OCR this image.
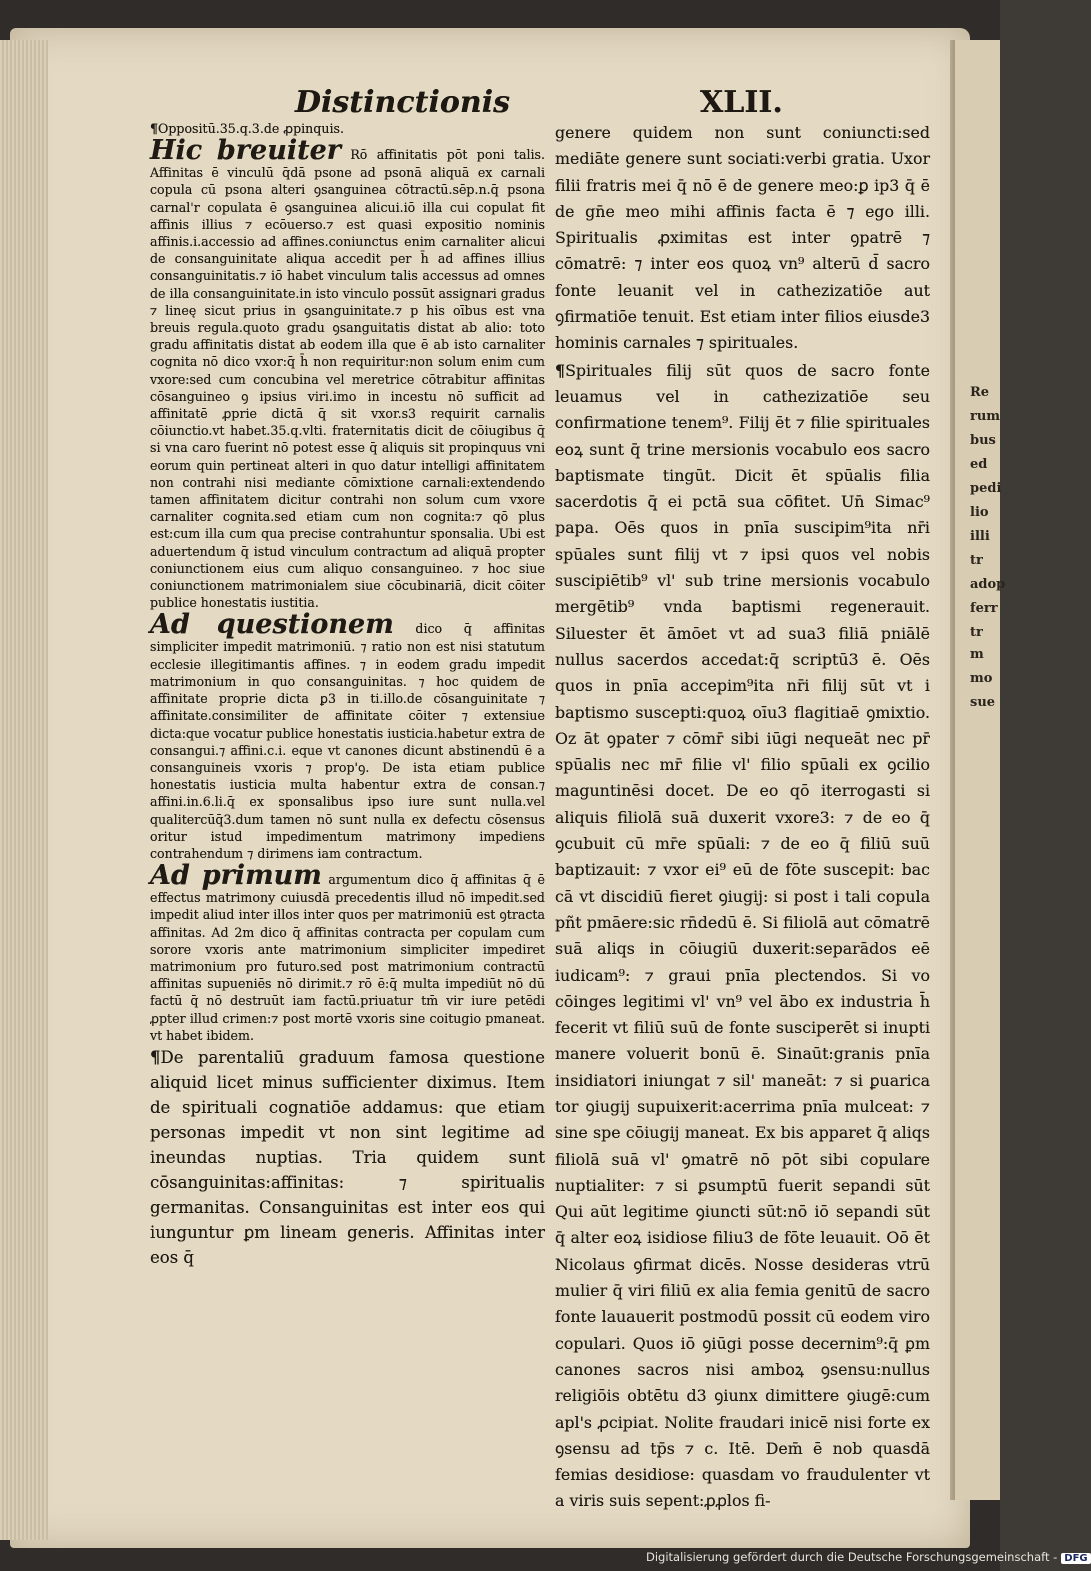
Re
rum
bus
ed
pedi
lio
illi
tr
adop
ferr
tr m
mo
sue
Distinctionis	XLII.

¶Oppositū.35.q.3.de ꝓpinquis.

Hic breuiter Rō affinitatis pōt poni talis. Affinitas ē vinculū q̄dā psone ad psonā aliquā ex carnali copula cū psona alteri ꝯsanguinea cōtractū.sēp.n.q̄ psona carnal'r copulata ē ꝯsanguinea alicui.iō illa cui copulat fit affinis illius ⁊ ecōuerso.⁊ est quasi expositio nominis affinis.i.accessio ad affines.coniunctus enim carnaliter alicui de consanguinitate aliqua accedit per h̄ ad affines illius consanguinitatis.⁊ iō habet vinculum talis accessus ad omnes de illa consanguinitate.in isto vinculo possūt assignari gradus ⁊ lineę sicut prius in ꝯsanguinitate.⁊ p his oībus est vna breuis regula.quoto gradu ꝯsanguitatis distat ab alio: toto gradu affinitatis distat ab eodem illa que ē ab isto carnaliter cognita nō dico vxor:q̄ h̄ non requiritur:non solum enim cum vxore:sed cum concubina vel meretrice cōtrabitur affinitas cōsanguineo ꝯ ipsius viri.imo in incestu nō sufficit ad affinitatē ꝓprie dictā q̄ sit vxor.s3 requirit carnalis cōiunctio.vt habet.35.q.vlti. fraternitatis dicit de cōiugibus q̄ si vna caro fuerint nō potest esse q̄ aliquis sit propinquus vni eorum quin pertineat alteri in quo datur intelligi affinitatem non contrahi nisi mediante cōmixtione carnali:extendendo tamen affinitatem dicitur contrahi non solum cum vxore carnaliter cognita.sed etiam cum non cognita:⁊ qō plus est:cum illa cum qua precise contrahuntur sponsalia. Ubi est aduertendum q̄ istud vinculum contractum ad aliquā propter coniunctionem eius cum aliquo consanguineo. ⁊ hoc siue coniunctionem matrimonialem siue cōcubinariā, dicit cōiter publice honestatis iustitia.

Ad questionem dico q̄ affinitas simpliciter impedit matrimoniū. ⁊ ratio non est nisi statutum ecclesie illegitimantis affines. ⁊ in eodem gradu impedit matrimonium in quo consanguinitas. ⁊ hoc quidem de affinitate proprie dicta ꝑ3 in ti.illo.de cōsanguinitate ⁊ affinitate.consimiliter de affinitate cōiter ⁊ extensiue dicta:que vocatur publice honestatis iusticia.habetur extra de consangui.⁊ affini.c.i. eque vt canones dicunt abstinendū ē a consanguineis vxoris ⁊ prop'ꝯ. De ista etiam publice honestatis iusticia multa habentur extra de consan.⁊ affini.in.6.li.q̄ ex sponsalibus ipso iure sunt nulla.vel qualitercūq̄3.dum tamen nō sunt nulla ex defectu cōsensus oritur istud impedimentum matrimony impediens contrahendum ⁊ dirimens iam contractum.

Ad primum argumentum dico q̄ affinitas q̄ ē effectus matrimony cuiusdā precedentis illud nō impedit.sed impedit aliud inter illos inter quos per matrimoniū est ꝯtracta affinitas. Ad 2m dico q̄ affinitas contracta per copulam cum sorore vxoris ante matrimonium simpliciter impediret matrimonium pro futuro.sed post matrimonium contractū affinitas supueniēs nō dirimit.⁊ rō ē:q̄ multa impediūt nō dū factū q̄ nō destruūt iam factū.priuatur tm̄ vir iure petēdi ꝓpter illud crimen:⁊ post mortē vxoris sine coitugio pmaneat. vt habet ibidem.

¶De parentaliū graduum famosa questione aliquid licet minus sufficienter diximus. Item de spirituali cognatiōe addamus: que etiam personas impedit vt non sint legitime ad ineundas nuptias. Tria quidem sunt cōsanguinitas:affinitas: ⁊ spiritualis germanitas. Consanguinitas est inter eos qui iunguntur ꝑm lineam generis. Affinitas inter eos q̄

genere quidem non sunt coniuncti:sed mediāte genere sunt sociati:verbi gratia. Uxor filii fratris mei q̄ nō ē de genere meo:ꝑ ip3 q̄ ē de gn̄e meo mihi affinis facta ē ⁊ ego illi. Spiritualis ꝓximitas est inter ꝯpatrē ⁊ cōmatrē: ⁊ inter eos quoꝝ vn⁹ alterū d̄ sacro fonte leuanit vel in cathezizatiōe aut ꝯfirmatiōe tenuit. Est etiam inter filios eiusde3 hominis carnales ⁊ spirituales.

¶Spirituales filij sūt quos de sacro fonte leuamus vel in cathezizatiōe seu confirmatione tenem⁹. Filij ēt ⁊ filie spirituales eoꝝ sunt q̄ trine mersionis vocabulo eos sacro baptismate tingūt. Dicit ēt spūalis filia sacerdotis q̄ ei pctā sua cōfitet. Un̄ Simac⁹ papa. Oēs quos in pnīa suscipim⁹ita nr̄i spūales sunt filij vt ⁊ ipsi quos vel nobis suscipiētib⁹ vl' sub trine mersionis vocabulo mergētib⁹ vnda baptismi regenerauit. Siluester ēt āmōet vt ad sua3 filiā pniālē nullus sacerdos accedat:q̄ scriptū3 ē. Oēs quos in pnīa accepim⁹ita nr̄i filij sūt vt i baptismo suscepti:quoꝝ oīu3 flagitiaē ꝯmixtio. Oz āt ꝯpater ⁊ cōmr̄ sibi iūgi nequeāt nec pr̄ spūalis nec mr̄ filie vl' filio spūali ex ꝯcilio maguntinēsi docet. De eo qō iterrogasti si aliquis filiolā suā duxerit vxore3: ⁊ de eo q̄ ꝯcubuit cū mr̄e spūali: ⁊ de eo q̄ filiū suū baptizauit: ⁊ vxor ei⁹ eū de fōte suscepit: bac cā vt discidiū fieret ꝯiugij: si post i tali copula pñt pmāere:sic rn̄dedū ē. Si filiolā aut cōmatrē suā aliqs in cōiugiū duxerit:separādos eē iudicam⁹: ⁊ graui pnīa plectendos. Si vo cōinges legitimi vl' vn⁹ vel ābo ex industria h̄ fecerit vt filiū suū de fonte susciperēt si inupti manere voluerit bonū ē. Sinaūt:granis pnīa insidiatori iniungat ⁊ sil' maneāt: ⁊ si ꝑuarica tor ꝯiugij supuixerit:acerrima pnīa mulceat: ⁊ sine spe cōiugij maneat. Ex bis apparet q̄ aliqs filiolā suā vl' ꝯmatrē nō pōt sibi copulare nuptialiter: ⁊ si ꝑsumptū fuerit sepandi sūt Qui aūt legitime ꝯiuncti sūt:nō iō sepandi sūt q̄ alter eoꝝ isidiose filiu3 de fōte leuauit. Oō ēt Nicolaus ꝯfirmat dicēs. Nosse desideras vtrū mulier q̄ viri filiū ex alia femia genitū de sacro fonte lauauerit postmodū possit cū eodem viro copulari. Quos iō ꝯiūgi posse decernim⁹:q̄ ꝑm canones sacros nisi amboꝝ ꝯsensu:nullus religiōis obtētu d3 ꝯiunx dimittere ꝯiugē:cum apl's ꝓcipiat. Nolite fraudari inicē nisi forte ex ꝯsensu ad tp̄s ⁊ c. Itē. Dem̄ ē nob quasdā femias desidiose: quasdam vo fraudulenter vt a viris suis sepent:ꝓꝓlos fi-

Digitalisierung gefördert durch die Deutsche Forschungsgemeinschaft - DFG
